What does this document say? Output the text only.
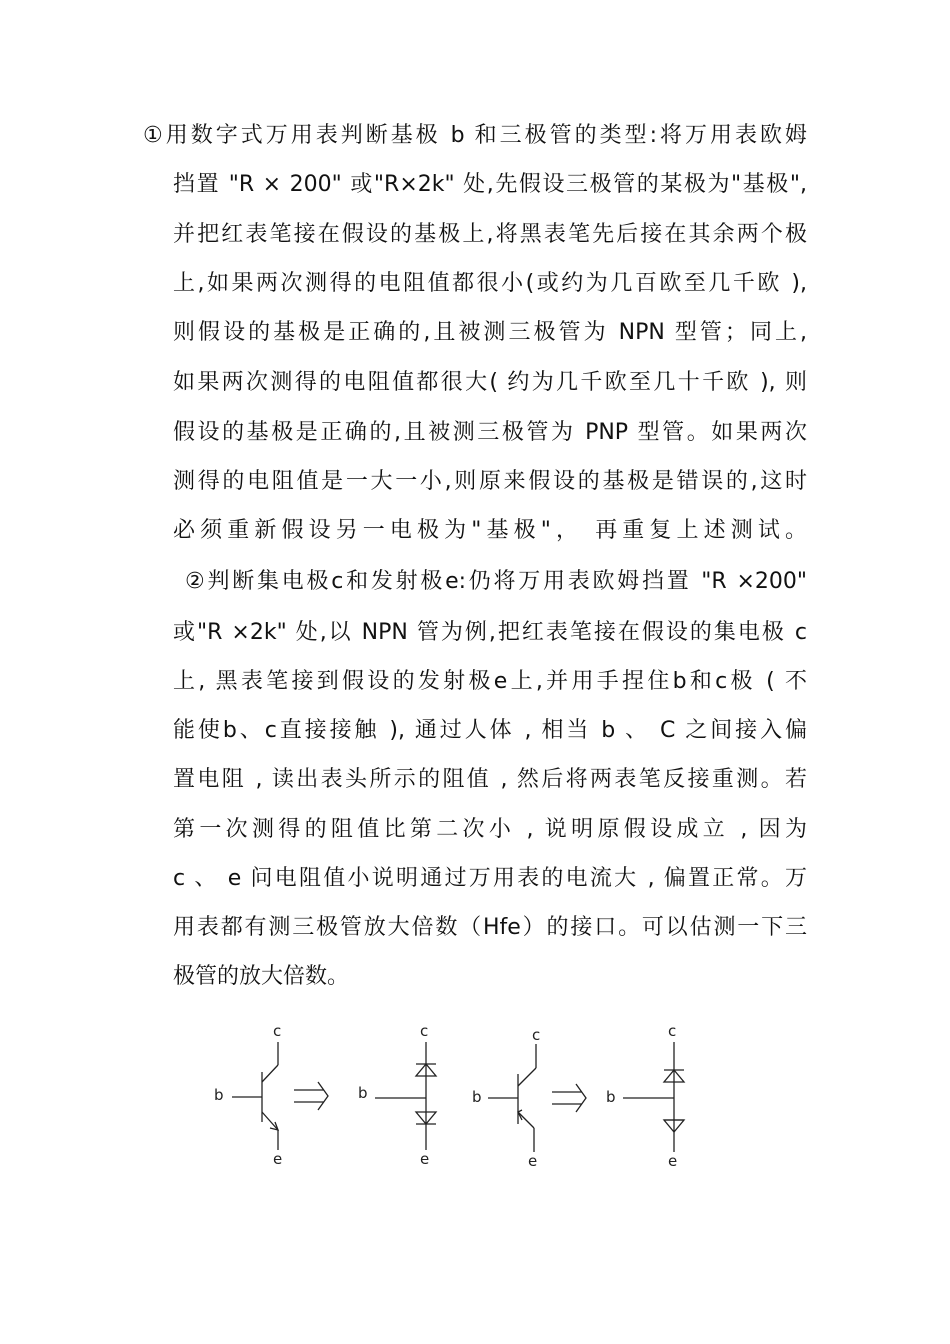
①用数字式万用表判断基极 b 和三极管的类型:将万用表欧姆
挡置 "R × 200" 或"R×2k" 处,先假设三极管的某极为"基极",
并把红表笔接在假设的基极上,将黑表笔先后接在其余两个极
上,如果两次测得的电阻值都很小(或约为几百欧至几千欧 ),
则假设的基极是正确的,且被测三极管为 NPN 型管；同上,
如果两次测得的电阻值都很大( 约为几千欧至几十千欧 ), 则
假设的基极是正确的,且被测三极管为 PNP 型管。如果两次
测得的电阻值是一大一小,则原来假设的基极是错误的,这时
必须重新假设另一电极为"基极"， 再重复上述测试。
②判断集电极c和发射极e:仍将万用表欧姆挡置 "R ×200"
或"R ×2k" 处,以 NPN 管为例,把红表笔接在假设的集电极 c
上, 黑表笔接到假设的发射极e上,并用手捏住b和c极 ( 不
能使b、c直接接触 ), 通过人体 , 相当 b 、 C 之间接入偏
置电阻 , 读出表头所示的阻值 , 然后将两表笔反接重测。若
第一次测得的阻值比第二次小 , 说明原假设成立 , 因为
c 、 e 问电阻值小说明通过万用表的电流大 , 偏置正常。万
用表都有测三极管放大倍数（Hfe）的接口。可以估测一下三
极管的放大倍数。
c
b
e
c
b
e
c
b
e
c
b
e
